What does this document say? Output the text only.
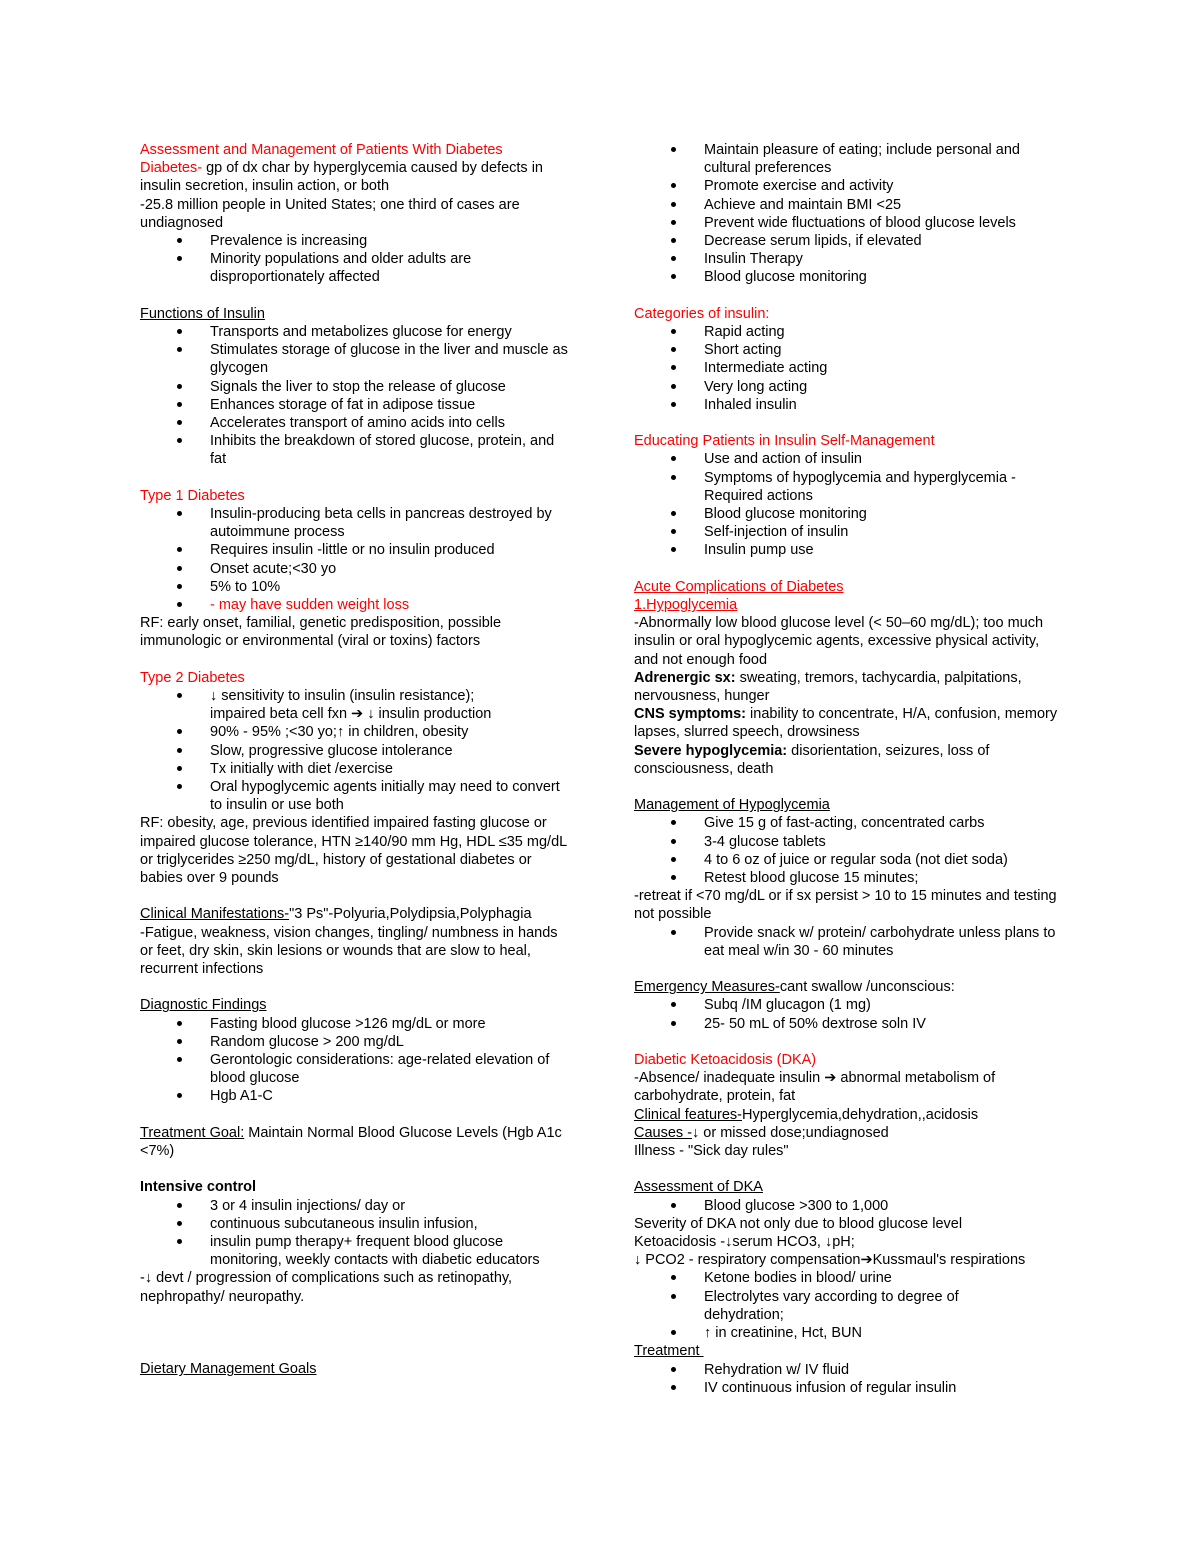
Assessment and Management of Patients With Diabetes
Diabetes- gp of dx char by hyperglycemia caused by defects in insulin secretion, insulin action, or both
-25.8 million people in United States; one third of cases are undiagnosed
Prevalence is increasing
Minority populations and older adults are disproportionately affected
Functions of Insulin
Transports and metabolizes glucose for energy
Stimulates storage of glucose in the liver and muscle as glycogen
Signals the liver to stop the release of glucose
Enhances storage of fat in adipose tissue
Accelerates transport of amino acids into cells
Inhibits the breakdown of stored glucose, protein, and fat
Type 1 Diabetes
Insulin-producing beta cells in pancreas destroyed by autoimmune process
Requires insulin -little or no insulin produced
Onset acute;<30 yo
5% to 10%
- may have sudden weight loss
RF: early onset, familial, genetic predisposition, possible immunologic or environmental (viral or toxins) factors
Type 2 Diabetes
↓ sensitivity to insulin (insulin resistance);
impaired beta cell fxn ➔ ↓ insulin production
90% - 95% ;<30 yo;↑ in children, obesity
Slow, progressive glucose intolerance
Tx initially with diet /exercise
Oral hypoglycemic agents initially may need to convert to insulin or use both
RF: obesity, age, previous identified impaired fasting glucose or impaired glucose tolerance, HTN ≥140/90 mm Hg, HDL ≤35 mg/dL or triglycerides ≥250 mg/dL, history of gestational diabetes or babies over 9 pounds
Clinical Manifestations-"3 Ps"-Polyuria,Polydipsia,Polyphagia
-Fatigue, weakness, vision changes, tingling/ numbness in hands or feet, dry skin, skin lesions or wounds that are slow to heal, recurrent infections
Diagnostic Findings
Fasting blood glucose >126 mg/dL or more
Random glucose > 200 mg/dL
Gerontologic considerations: age-related elevation of blood glucose
Hgb A1-C
Treatment Goal: Maintain Normal Blood Glucose Levels (Hgb A1c <7%)
Intensive control
3 or 4 insulin injections/ day or
continuous subcutaneous insulin infusion,
insulin pump therapy+ frequent blood glucose monitoring, weekly contacts with diabetic educators
-↓ devt / progression of complications such as retinopathy, nephropathy/ neuropathy.
Dietary Management Goals
Maintain pleasure of eating; include personal and cultural preferences
Promote exercise and activity
Achieve and maintain BMI <25
Prevent wide fluctuations of blood glucose levels
Decrease serum lipids, if elevated
Insulin Therapy
Blood glucose monitoring
Categories of insulin:
Rapid acting
Short acting
Intermediate acting
Very long acting
Inhaled insulin
Educating Patients in Insulin Self-Management
Use and action of insulin
Symptoms of hypoglycemia and hyperglycemia -Required actions
Blood glucose monitoring
Self-injection of insulin
Insulin pump use
Acute Complications of Diabetes
1.Hypoglycemia
-Abnormally low blood glucose level (< 50–60 mg/dL); too much insulin or oral hypoglycemic agents, excessive physical activity, and not enough food
Adrenergic sx: sweating, tremors, tachycardia, palpitations, nervousness, hunger
CNS symptoms: inability to concentrate, H/A, confusion, memory lapses, slurred speech, drowsiness
Severe hypoglycemia: disorientation, seizures, loss of consciousness, death
Management of Hypoglycemia
Give 15 g of fast-acting, concentrated carbs
3-4 glucose tablets
4 to 6 oz of juice or regular soda (not diet soda)
Retest blood glucose 15 minutes;
-retreat if <70 mg/dL or if sx persist > 10 to 15 minutes and testing not possible
Provide snack w/ protein/ carbohydrate unless plans to eat meal w/in 30 - 60 minutes
Emergency Measures-cant swallow /unconscious:
Subq /IM glucagon (1 mg)
25- 50 mL of 50% dextrose soln IV
Diabetic Ketoacidosis (DKA)
-Absence/ inadequate insulin ➔ abnormal metabolism of carbohydrate, protein, fat
Clinical features-Hyperglycemia,dehydration,,acidosis
Causes -↓ or missed dose;undiagnosed
Illness - "Sick day rules"
Assessment of DKA
Blood glucose >300 to 1,000
Severity of DKA not only due to blood glucose level
Ketoacidosis -↓serum HCO3, ↓pH;
↓ PCO2 - respiratory compensation➔Kussmaul's respirations
Ketone bodies in blood/ urine
Electrolytes vary according to degree of dehydration;
↑ in creatinine, Hct, BUN
Treatment
Rehydration w/ IV fluid
IV continuous infusion of regular insulin
